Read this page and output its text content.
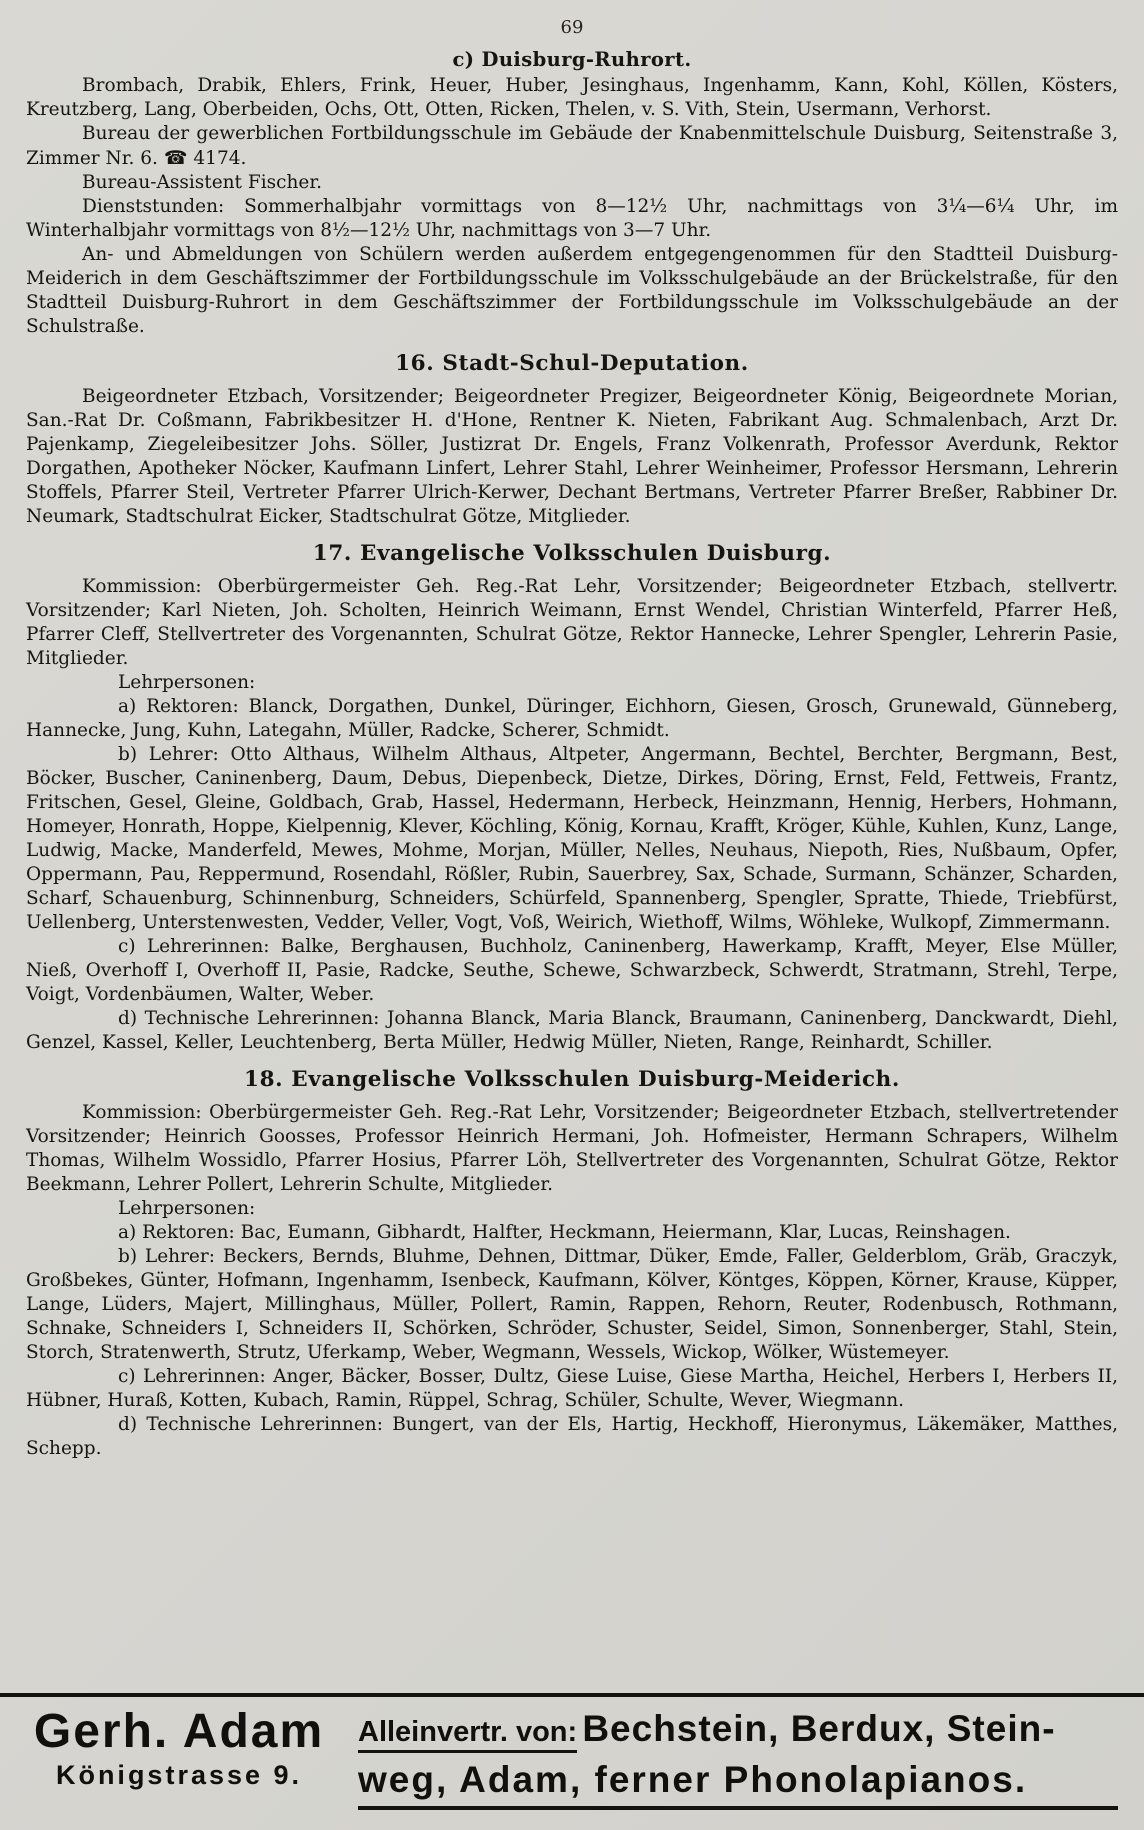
69
c) Duisburg-Ruhrort.

Brombach, Drabik, Ehlers, Frink, Heuer, Huber, Jesinghaus, Ingenhamm, Kann, Kohl, Köllen, Kösters, Kreutzberg, Lang, Oberbeiden, Ochs, Ott, Otten, Ricken, Thelen, v. S. Vith, Stein, Usermann, Verhorst.

Bureau der gewerblichen Fortbildungsschule im Gebäude der Knabenmittelschule Duisburg, Seitenstraße 3, Zimmer Nr. 6. ☎ 4174.

Bureau-Assistent Fischer.

Dienststunden: Sommerhalbjahr vormittags von 8—12½ Uhr, nachmittags von 3¼—6¼ Uhr, im Winterhalbjahr vormittags von 8½—12½ Uhr, nachmittags von 3—7 Uhr.

An- und Abmeldungen von Schülern werden außerdem entgegengenommen für den Stadtteil Duisburg-Meiderich in dem Geschäftszimmer der Fortbildungsschule im Volksschulgebäude an der Brückelstraße, für den Stadtteil Duisburg-Ruhrort in dem Geschäftszimmer der Fortbildungsschule im Volksschulgebäude an der Schulstraße.

16. Stadt-Schul-Deputation.

Beigeordneter Etzbach, Vorsitzender; Beigeordneter Pregizer, Beigeordneter König, Beigeordnete Morian, San.-Rat Dr. Coßmann, Fabrikbesitzer H. d'Hone, Rentner K. Nieten, Fabrikant Aug. Schmalenbach, Arzt Dr. Pajenkamp, Ziegeleibesitzer Johs. Söller, Justizrat Dr. Engels, Franz Volkenrath, Professor Averdunk, Rektor Dorgathen, Apotheker Nöcker, Kaufmann Linfert, Lehrer Stahl, Lehrer Weinheimer, Professor Hersmann, Lehrerin Stoffels, Pfarrer Steil, Vertreter Pfarrer Ulrich-Kerwer, Dechant Bertmans, Vertreter Pfarrer Breßer, Rabbiner Dr. Neumark, Stadtschulrat Eicker, Stadtschulrat Götze, Mitglieder.

17. Evangelische Volksschulen Duisburg.

Kommission: Oberbürgermeister Geh. Reg.-Rat Lehr, Vorsitzender; Beigeordneter Etzbach, stellvertr. Vorsitzender; Karl Nieten, Joh. Scholten, Heinrich Weimann, Ernst Wendel, Christian Winterfeld, Pfarrer Heß, Pfarrer Cleff, Stellvertreter des Vorgenannten, Schulrat Götze, Rektor Hannecke, Lehrer Spengler, Lehrerin Pasie, Mitglieder.

Lehrpersonen:

a) Rektoren: Blanck, Dorgathen, Dunkel, Düringer, Eichhorn, Giesen, Grosch, Grunewald, Günneberg, Hannecke, Jung, Kuhn, Lategahn, Müller, Radcke, Scherer, Schmidt.

b) Lehrer: Otto Althaus, Wilhelm Althaus, Altpeter, Angermann, Bechtel, Berchter, Bergmann, Best, Böcker, Buscher, Caninenberg, Daum, Debus, Diepenbeck, Dietze, Dirkes, Döring, Ernst, Feld, Fettweis, Frantz, Fritschen, Gesel, Gleine, Goldbach, Grab, Hassel, Hedermann, Herbeck, Heinzmann, Hennig, Herbers, Hohmann, Homeyer, Honrath, Hoppe, Kielpennig, Klever, Köchling, König, Kornau, Krafft, Kröger, Kühle, Kuhlen, Kunz, Lange, Ludwig, Macke, Manderfeld, Mewes, Mohme, Morjan, Müller, Nelles, Neuhaus, Niepoth, Ries, Nußbaum, Opfer, Oppermann, Pau, Reppermund, Rosendahl, Rößler, Rubin, Sauerbrey, Sax, Schade, Surmann, Schänzer, Scharden, Scharf, Schauenburg, Schinnenburg, Schneiders, Schürfeld, Spannenberg, Spengler, Spratte, Thiede, Triebfürst, Uellenberg, Unterstenwesten, Vedder, Veller, Vogt, Voß, Weirich, Wiethoff, Wilms, Wöhleke, Wulkopf, Zimmermann.

c) Lehrerinnen: Balke, Berghausen, Buchholz, Caninenberg, Hawerkamp, Krafft, Meyer, Else Müller, Nieß, Overhoff I, Overhoff II, Pasie, Radcke, Seuthe, Schewe, Schwarzbeck, Schwerdt, Stratmann, Strehl, Terpe, Voigt, Vordenbäumen, Walter, Weber.

d) Technische Lehrerinnen: Johanna Blanck, Maria Blanck, Braumann, Caninenberg, Danckwardt, Diehl, Genzel, Kassel, Keller, Leuchtenberg, Berta Müller, Hedwig Müller, Nieten, Range, Reinhardt, Schiller.

18. Evangelische Volksschulen Duisburg-Meiderich.

Kommission: Oberbürgermeister Geh. Reg.-Rat Lehr, Vorsitzender; Beigeordneter Etzbach, stellvertretender Vorsitzender; Heinrich Goosses, Professor Heinrich Hermani, Joh. Hofmeister, Hermann Schrapers, Wilhelm Thomas, Wilhelm Wossidlo, Pfarrer Hosius, Pfarrer Löh, Stellvertreter des Vorgenannten, Schulrat Götze, Rektor Beekmann, Lehrer Pollert, Lehrerin Schulte, Mitglieder.

Lehrpersonen:

a) Rektoren: Bac, Eumann, Gibhardt, Halfter, Heckmann, Heiermann, Klar, Lucas, Reinshagen.

b) Lehrer: Beckers, Bernds, Bluhme, Dehnen, Dittmar, Düker, Emde, Faller, Gelderblom, Gräb, Graczyk, Großbekes, Günter, Hofmann, Ingenhamm, Isenbeck, Kaufmann, Kölver, Köntges, Köppen, Körner, Krause, Küpper, Lange, Lüders, Majert, Millinghaus, Müller, Pollert, Ramin, Rappen, Rehorn, Reuter, Rodenbusch, Rothmann, Schnake, Schneiders I, Schneiders II, Schörken, Schröder, Schuster, Seidel, Simon, Sonnenberger, Stahl, Stein, Storch, Stratenwerth, Strutz, Uferkamp, Weber, Wegmann, Wessels, Wickop, Wölker, Wüstemeyer.

c) Lehrerinnen: Anger, Bäcker, Bosser, Dultz, Giese Luise, Giese Martha, Heichel, Herbers I, Herbers II, Hübner, Huraß, Kotten, Kubach, Ramin, Rüppel, Schrag, Schüler, Schulte, Wever, Wiegmann.

d) Technische Lehrerinnen: Bungert, van der Els, Hartig, Heckhoff, Hieronymus, Läkemäker, Matthes, Schepp.

Gerh. Adam
Königstrasse 9.
Alleinvertr. von: Bechstein, Berdux, Stein-
weg, Adam, ferner Phonolapianos.
